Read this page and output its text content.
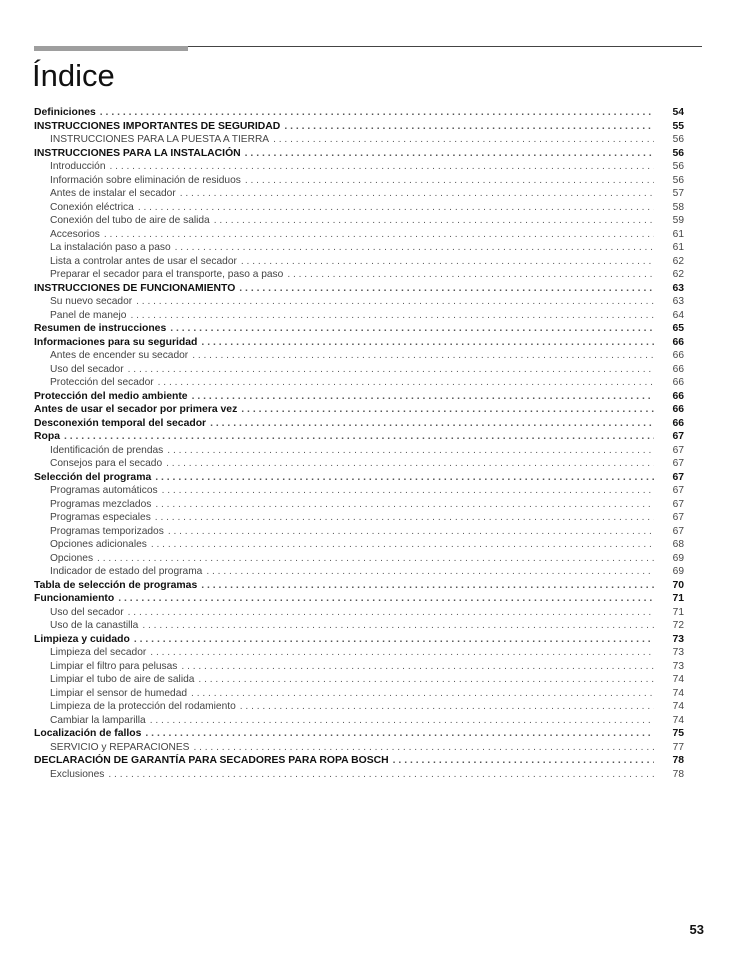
Índice
Definiciones . . .	54
INSTRUCCIONES IMPORTANTES DE SEGURIDAD . . .	55
INSTRUCCIONES PARA LA PUESTA A TIERRA . . .	56
INSTRUCCIONES PARA LA INSTALACIÓN . . .	56
Introducción . . .	56
Información sobre eliminación de residuos . . .	56
Antes de instalar el secador . . .	57
Conexión eléctrica . . .	58
Conexión del tubo de aire de salida . . .	59
Accesorios . . .	61
La instalación paso a paso . . .	61
Lista a controlar antes de usar el secador . . .	62
Preparar el secador para el transporte, paso a paso . . .	62
INSTRUCCIONES DE FUNCIONAMIENTO . . .	63
Su nuevo secador . . .	63
Panel de manejo . . .	64
Resumen de instrucciones . . .	65
Informaciones para su seguridad . . .	66
Antes de encender su secador . . .	66
Uso del secador . . .	66
Protección del secador . . .	66
Protección del medio ambiente . . .	66
Antes de usar el secador por primera vez . . .	66
Desconexión temporal del secador . . .	66
Ropa . . .	67
Identificación de prendas . . .	67
Consejos para el secado . . .	67
Selección del programa . . .	67
Programas automáticos . . .	67
Programas mezclados . . .	67
Programas especiales . . .	67
Programas temporizados . . .	67
Opciones adicionales . . .	68
Opciones . . .	69
Indicador de estado del programa . . .	69
Tabla de selección de programas . . .	70
Funcionamiento . . .	71
Uso del secador . . .	71
Uso de la canastilla . . .	72
Limpieza y cuidado . . .	73
Limpieza del secador . . .	73
Limpiar el filtro para pelusas . . .	73
Limpiar el tubo de aire de salida . . .	74
Limpiar el sensor de humedad . . .	74
Limpieza de la protección del rodamiento . . .	74
Cambiar la lamparilla . . .	74
Localización de fallos . . .	75
SERVICIO y REPARACIONES . . .	77
DECLARACIÓN DE GARANTÍA PARA SECADORES PARA ROPA BOSCH . . .	78
Exclusiones . . .	78
53
